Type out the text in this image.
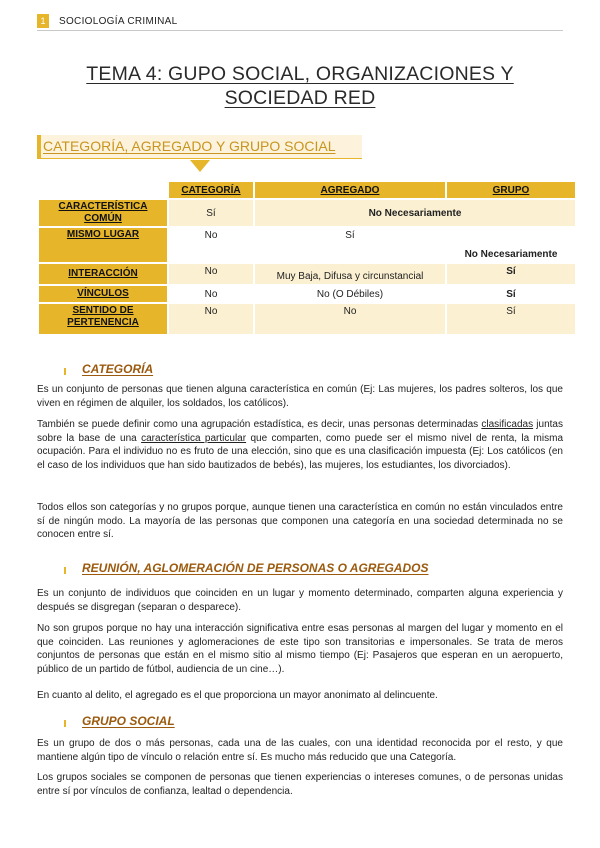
1	SOCIOLOGÍA CRIMINAL
TEMA 4: GUPO SOCIAL, ORGANIZACIONES Y SOCIEDAD RED
CATEGORÍA, AGREGADO Y GRUPO SOCIAL
	CATEGORÍA	AGREGADO	GRUPO
CARACTERÍSTICA COMÚN	Sí	No Necesariamente	
MISMO LUGAR	No	Sí	No Necesariamente
INTERACCIÓN	No	Muy Baja, Difusa y circunstancial	Sí
VÍNCULOS	No	No (O Débiles)	Sí
SENTIDO DE PERTENENCIA	No	No	Sí
CATEGORÍA
Es un conjunto de personas que tienen alguna característica en común (Ej: Las mujeres, los padres solteros, los que viven en régimen de alquiler, los soldados, los católicos).
También se puede definir como una agrupación estadística, es decir, unas personas determinadas clasificadas juntas sobre la base de una característica particular que comparten, como puede ser el mismo nivel de renta, la misma ocupación. Para el individuo no es fruto de una elección, sino que es una clasificación impuesta (Ej: Los católicos (en el caso de los individuos que han sido bautizados de bebés), las mujeres, los estudiantes, los divorciados).
Todos ellos son categorías y no grupos porque, aunque tienen una característica en común no están vinculados entre sí de ningún modo. La mayoría de las personas que componen una categoría en una sociedad determinada no se conocen entre sí.
REUNIÓN, AGLOMERACIÓN DE PERSONAS O AGREGADOS
Es un conjunto de individuos que coinciden en un lugar y momento determinado, comparten alguna experiencia y después se disgregan (separan o desparece).
No son grupos porque no hay una interacción significativa entre esas personas al margen del lugar y momento en el que coinciden. Las reuniones y aglomeraciones de este tipo son transitorias e impersonales. Se trata de meros conjuntos de personas que están en el mismo sitio al mismo tiempo (Ej: Pasajeros que esperan en un aeropuerto, público de un partido de fútbol, audiencia de un cine…).
En cuanto al delito, el agregado es el que proporciona un mayor anonimato al delincuente.
GRUPO SOCIAL
Es un grupo de dos o más personas, cada una de las cuales, con una identidad reconocida por el resto, y que mantiene algún tipo de vínculo o relación entre sí. Es mucho más reducido que una Categoría.
Los grupos sociales se componen de personas que tienen experiencias o intereses comunes, o de personas unidas entre sí por vínculos de confianza, lealtad o dependencia.
